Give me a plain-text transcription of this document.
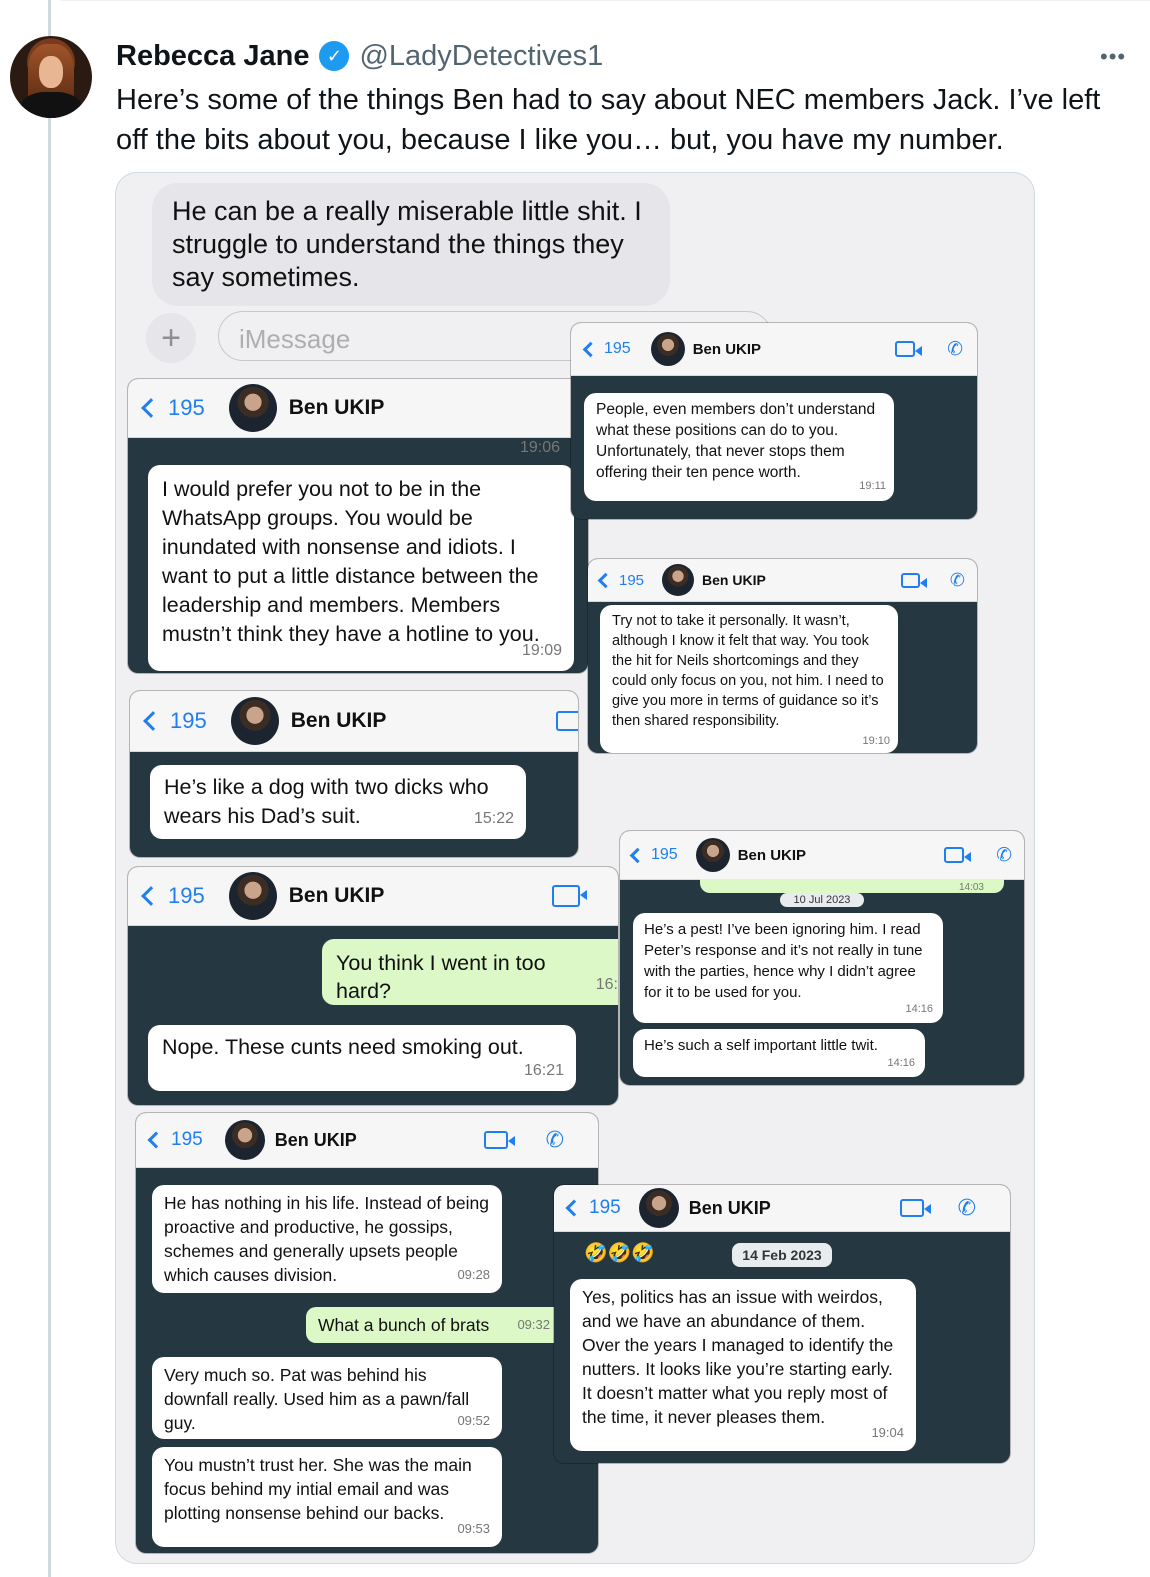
Rebecca Jane ✓ @LadyDetectives1	•••
Here’s some of the things Ben had to say about NEC members Jack. I’ve left off the bits about you, because I like you… but, you have my number.
He can be a really miserable little shit. I struggle to understand the things they say sometimes.
+	iMessage
195	Ben UKIP
19:06
I would prefer you not to be in the WhatsApp groups. You would be inundated with nonsense and idiots. I want to put a little distance between the leadership and members. Members mustn’t think they have a hotline to you.
19:09
195	Ben UKIP	✆
People, even members don’t understand what these positions can do to you. Unfortunately, that never stops them offering their ten pence worth.
19:11
195	Ben UKIP	✆
Try not to take it personally. It wasn’t, although I know it felt that way. You took the hit for Neils shortcomings and they could only focus on you, not him. I need to give you more in terms of guidance so it’s then shared responsibility.
19:10
195	Ben UKIP
He’s like a dog with two dicks who wears his Dad’s suit.	15:22
195	Ben UKIP	✆
14:03
10 Jul 2023
He’s a pest! I’ve been ignoring him. I read Peter’s response and it’s not really in tune with the parties, hence why I didn’t agree for it to be used for you.
14:16
He’s such a self important little twit.
14:16
195	Ben UKIP
You think I went in too hard?	16:
Nope. These cunts need smoking out.
16:21
195	Ben UKIP	✆
He has nothing in his life. Instead of being proactive and productive, he gossips, schemes and generally upsets people which causes division.	09:28
What a bunch of brats 09:32
Very much so. Pat was behind his downfall really. Used him as a pawn/fall guy.	09:52
You mustn’t trust her. She was the main focus behind my intial email and was plotting nonsense behind our backs.
09:53
195	Ben UKIP	✆
🤣🤣🤣	14 Feb 2023
Yes, politics has an issue with weirdos, and we have an abundance of them. Over the years I managed to identify the nutters. It looks like you’re starting early. It doesn’t matter what you reply most of the time, it never pleases them.
19:04
